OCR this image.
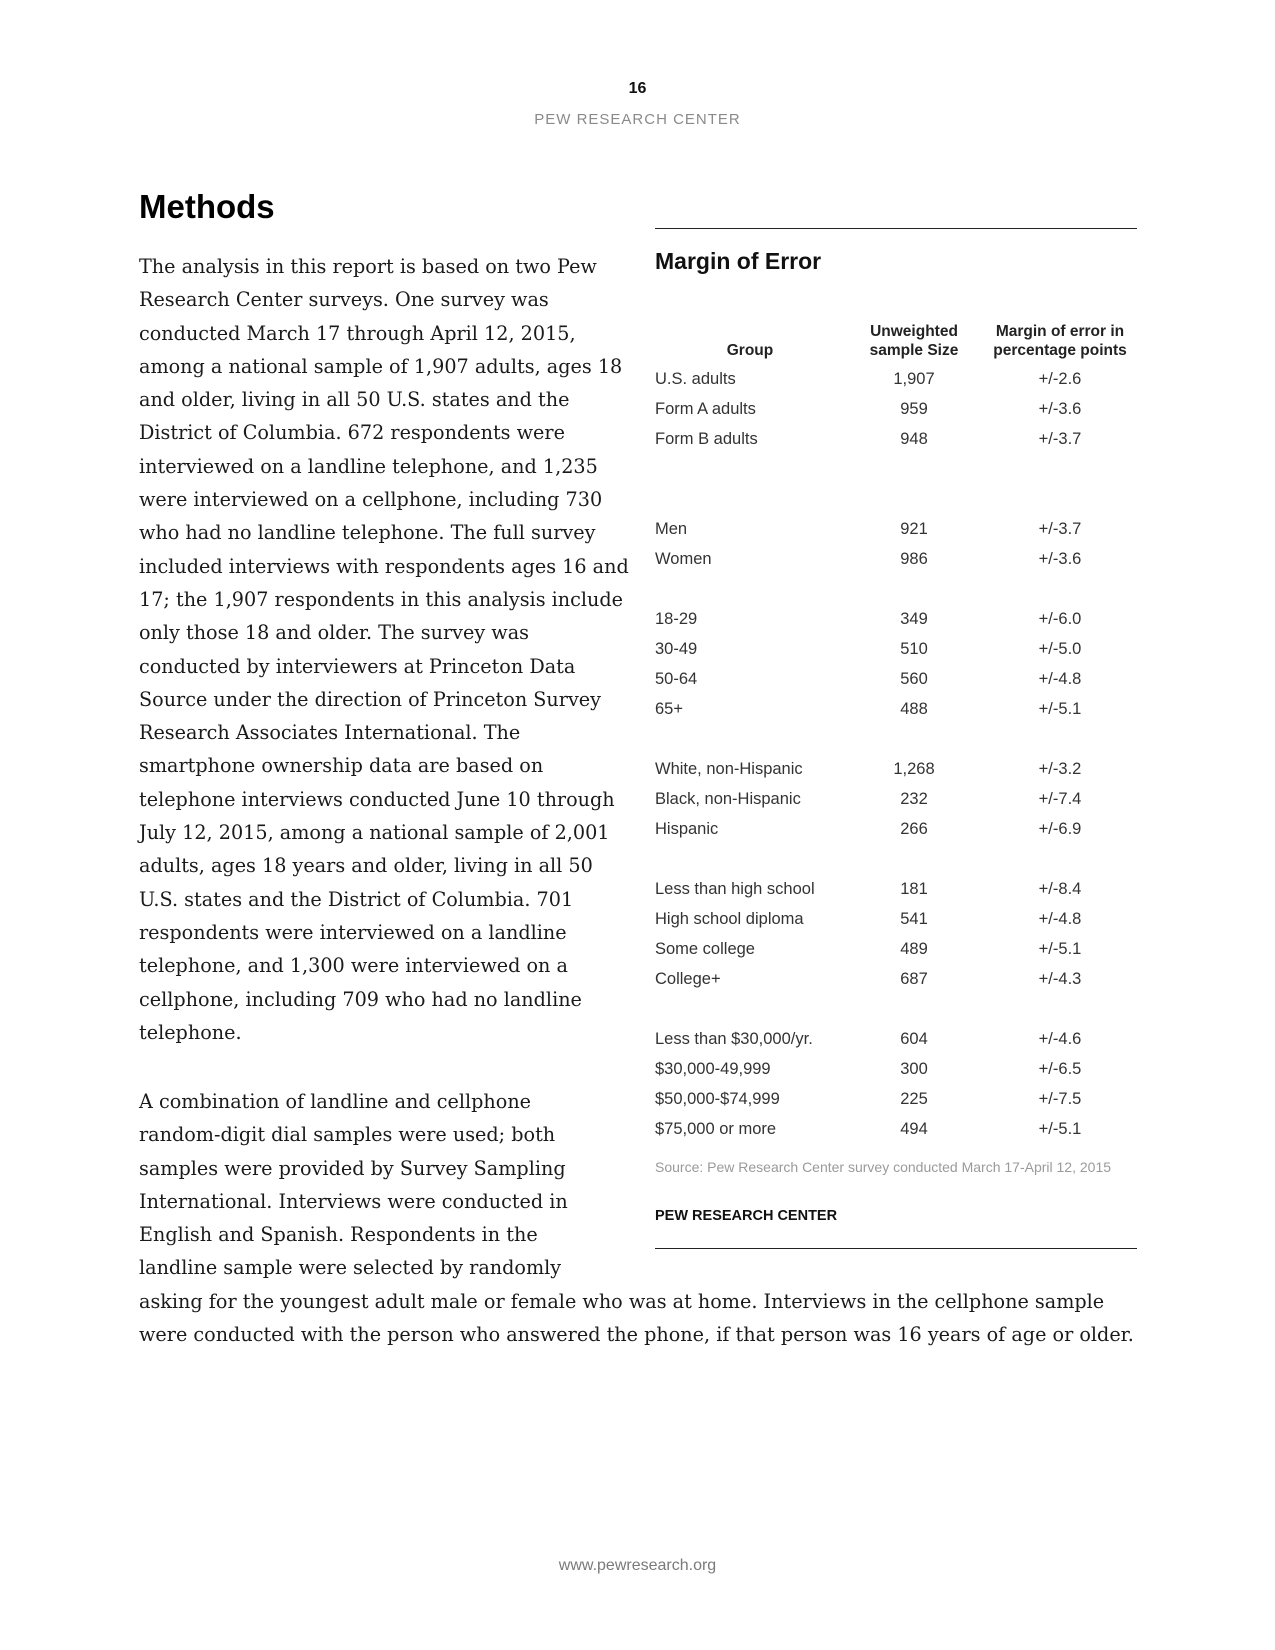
16
PEW RESEARCH CENTER
Methods

The analysis in this report is based on two Pew Research Center surveys. One survey was conducted March 17 through April 12, 2015, among a national sample of 1,907 adults, ages 18 and older, living in all 50 U.S. states and the District of Columbia. 672 respondents were interviewed on a landline telephone, and 1,235 were interviewed on a cellphone, including 730 who had no landline telephone. The full survey included interviews with respondents ages 16 and 17; the 1,907 respondents in this analysis include only those 18 and older. The survey was conducted by interviewers at Princeton Data Source under the direction of Princeton Survey Research Associates International. The smartphone ownership data are based on telephone interviews conducted June 10 through July 12, 2015, among a national sample of 2,001 adults, ages 18 years and older, living in all 50 U.S. states and the District of Columbia. 701 respondents were interviewed on a landline telephone, and 1,300 were interviewed on a cellphone, including 709 who had no landline telephone.

A combination of landline and cellphone random-digit dial samples were used; both samples were provided by Survey Sampling International. Interviews were conducted in English and Spanish. Respondents in the landline sample were selected by randomly

asking for the youngest adult male or female who was at home. Interviews in the cellphone sample were conducted with the person who answered the phone, if that person was 16 years of age or older.

Margin of Error
Group
Unweighted sample Size
Margin of error in percentage points
U.S. adults	1,907	+/-2.6
Form A adults	959	+/-3.6
Form B adults	948	+/-3.7
Men	921	+/-3.7
Women	986	+/-3.6
18-29	349	+/-6.0
30-49	510	+/-5.0
50-64	560	+/-4.8
65+	488	+/-5.1
White, non-Hispanic	1,268	+/-3.2
Black, non-Hispanic	232	+/-7.4
Hispanic	266	+/-6.9
Less than high school	181	+/-8.4
High school diploma	541	+/-4.8
Some college	489	+/-5.1
College+	687	+/-4.3
Less than $30,000/yr.	604	+/-4.6
$30,000-49,999	300	+/-6.5
$50,000-$74,999	225	+/-7.5
$75,000 or more	494	+/-5.1
Source: Pew Research Center survey conducted March 17-April 12, 2015
PEW RESEARCH CENTER
www.pewresearch.org
